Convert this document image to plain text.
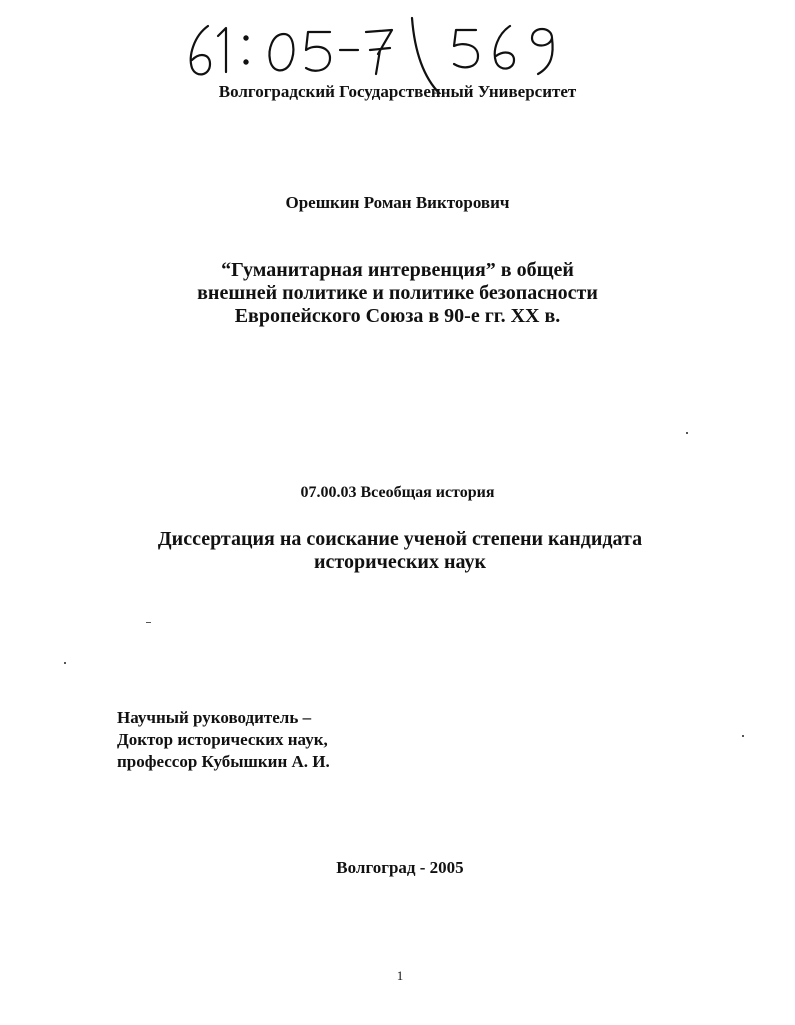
Волгоградский Государственный Университет
Орешкин Роман Викторович
“Гуманитарная интервенция” в общей
внешней политике и политике безопасности
Европейского Союза в 90-е гг. XX в.
07.00.03 Всеобщая история
Диссертация на соискание ученой степени кандидата
исторических наук
Научный руководитель –
Доктор исторических наук,
профессор Кубышкин А. И.
Волгоград - 2005
1
